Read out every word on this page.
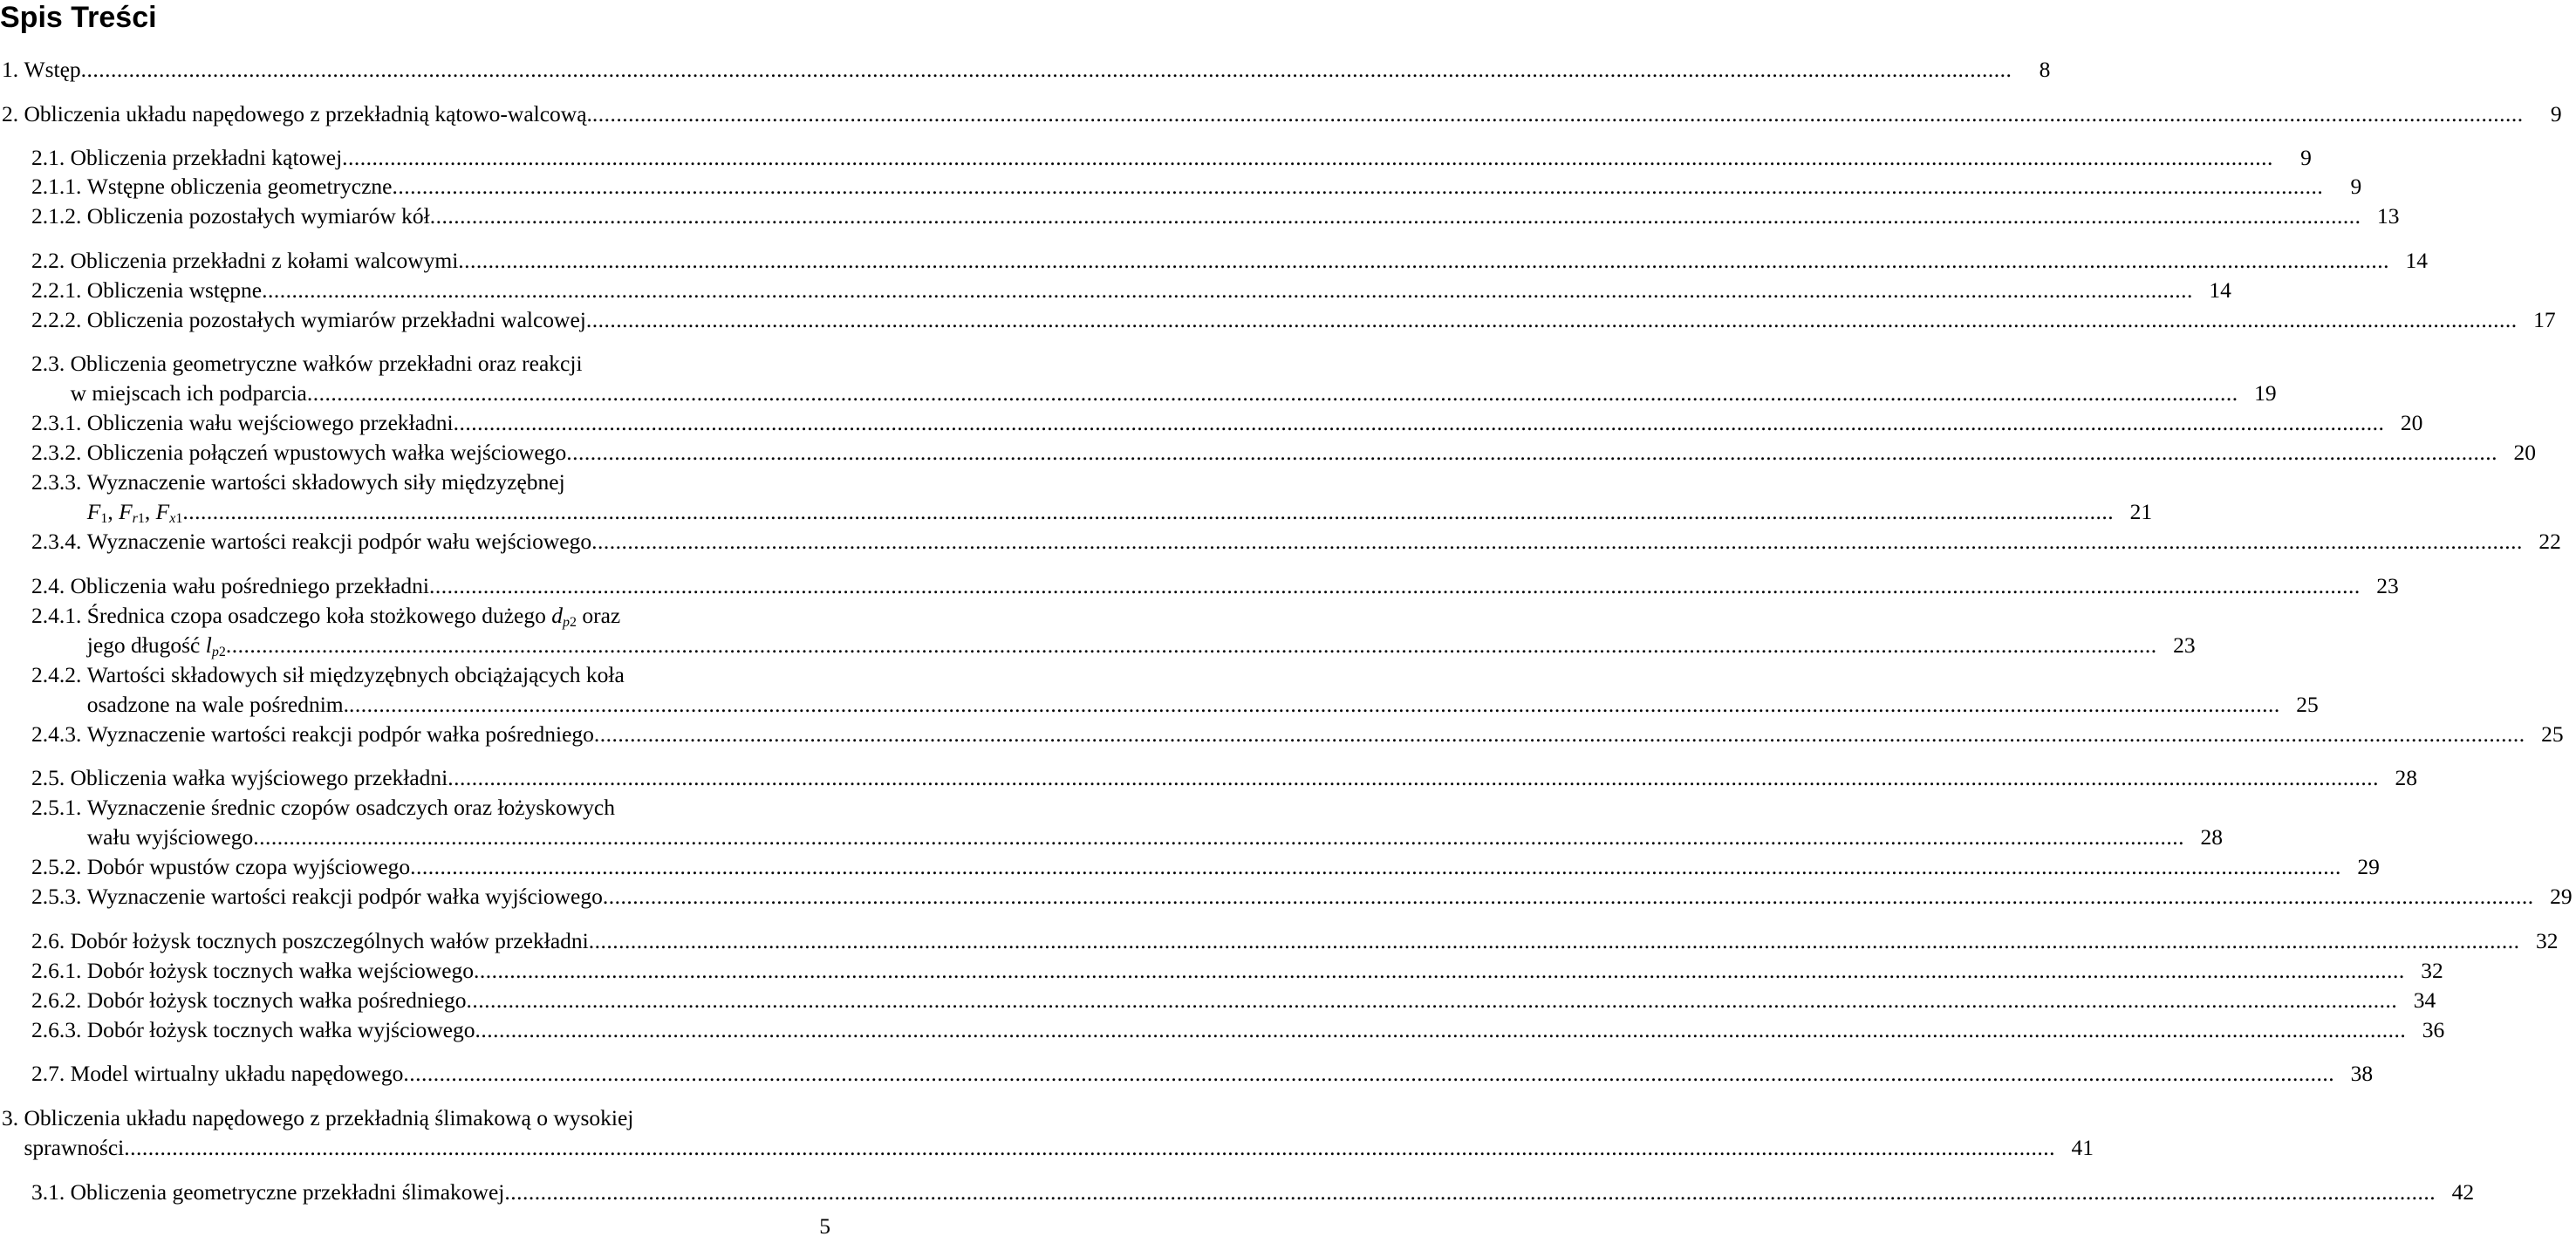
Spis Treści
1. Wstęp ..................................................................................................................................................................................................................................................................................................................................	8
2. Obliczenia układu napędowego z przekładnią kątowo-walcową. ..................................................................................................................................................................................................................................................................................................................................	9
2.1. Obliczenia przekładni kątowej ..................................................................................................................................................................................................................................................................................................................................	9
2.1.1. Wstępne obliczenia geometryczne ..................................................................................................................................................................................................................................................................................................................................	9
2.1.2. Obliczenia pozostałych wymiarów kół .................................................................................................................................................................................................................................................................................................................................. 13
2.2. Obliczenia przekładni z kołami walcowymi .................................................................................................................................................................................................................................................................................................................................. 14
2.2.1. Obliczenia wstępne .................................................................................................................................................................................................................................................................................................................................. 14
2.2.2. Obliczenia pozostałych wymiarów przekładni walcowej .................................................................................................................................................................................................................................................................................................................................. 17
2.3. Obliczenia geometryczne wałków przekładni oraz reakcji
w miejscach ich podparcia .................................................................................................................................................................................................................................................................................................................................. 19
2.3.1. Obliczenia wału wejściowego przekładni .................................................................................................................................................................................................................................................................................................................................. 20
2.3.2. Obliczenia połączeń wpustowych wałka wejściowego .................................................................................................................................................................................................................................................................................................................................. 20
2.3.3. Wyznaczenie wartości składowych siły międzyzębnej
$F_1$, $F_{r1}$, $F_{x1}$ .................................................................................................................................................................................................................................................................................................................................. 21
2.3.4. Wyznaczenie wartości reakcji podpór wału wejściowego .................................................................................................................................................................................................................................................................................................................................. 22
2.4. Obliczenia wału pośredniego przekładni .................................................................................................................................................................................................................................................................................................................................. 23
2.4.1. Średnica czopa osadczego koła stożkowego dużego $d_{p2}$ oraz
jego długość $l_{p2}$ .................................................................................................................................................................................................................................................................................................................................. 23
2.4.2. Wartości składowych sił międzyzębnych obciążających koła
osadzone na wale pośrednim. .................................................................................................................................................................................................................................................................................................................................. 25
2.4.3. Wyznaczenie wartości reakcji podpór wałka pośredniego .................................................................................................................................................................................................................................................................................................................................. 25
2.5. Obliczenia wałka wyjściowego przekładni .................................................................................................................................................................................................................................................................................................................................. 28
2.5.1. Wyznaczenie średnic czopów osadczych oraz łożyskowych
wału wyjściowego .................................................................................................................................................................................................................................................................................................................................. 28
2.5.2. Dobór wpustów czopa wyjściowego .................................................................................................................................................................................................................................................................................................................................. 29
2.5.3. Wyznaczenie wartości reakcji podpór wałka wyjściowego .................................................................................................................................................................................................................................................................................................................................. 29
2.6. Dobór łożysk tocznych poszczególnych wałów przekładni .................................................................................................................................................................................................................................................................................................................................. 32
2.6.1. Dobór łożysk tocznych wałka wejściowego .................................................................................................................................................................................................................................................................................................................................. 32
2.6.2. Dobór łożysk tocznych wałka pośredniego .................................................................................................................................................................................................................................................................................................................................. 34
2.6.3. Dobór łożysk tocznych wałka wyjściowego .................................................................................................................................................................................................................................................................................................................................. 36
2.7. Model wirtualny układu napędowego .................................................................................................................................................................................................................................................................................................................................. 38
3. Obliczenia układu napędowego z przekładnią ślimakową o wysokiej
sprawności .................................................................................................................................................................................................................................................................................................................................. 41
3.1. Obliczenia geometryczne przekładni ślimakowej .................................................................................................................................................................................................................................................................................................................................. 42
5
